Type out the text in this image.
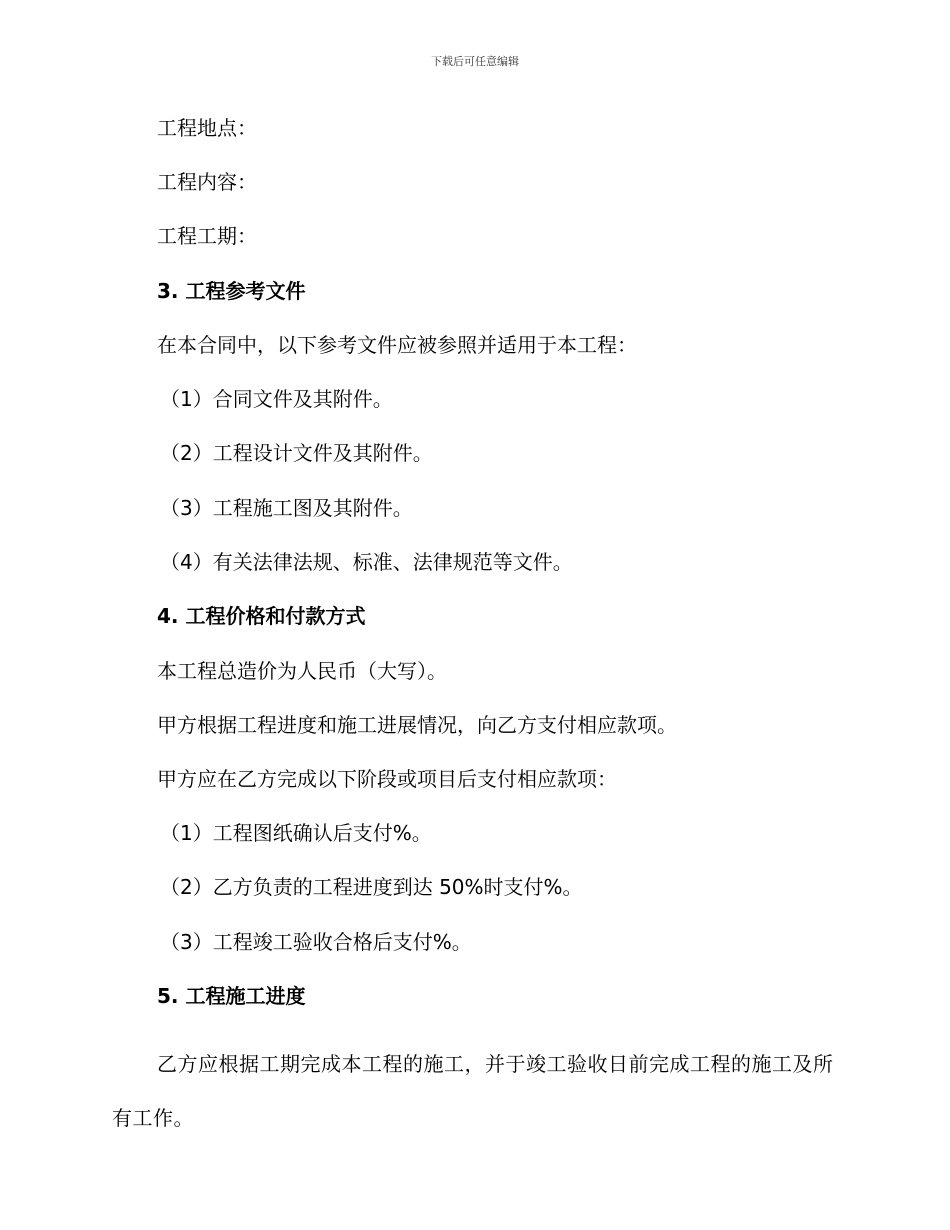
下载后可任意编辑
工程地点：
工程内容：
工程工期：
3. 工程参考文件
在本合同中，以下参考文件应被参照并适用于本工程：
（1）合同文件及其附件。
（2）工程设计文件及其附件。
（3）工程施工图及其附件。
（4）有关法律法规、标准、法律规范等文件。
4. 工程价格和付款方式
本工程总造价为人民币（大写）。
甲方根据工程进度和施工进展情况，向乙方支付相应款项。
甲方应在乙方完成以下阶段或项目后支付相应款项：
（1）工程图纸确认后支付%。
（2）乙方负责的工程进度到达 50%时支付%。
（3）工程竣工验收合格后支付%。
5. 工程施工进度
乙方应根据工期完成本工程的施工，并于竣工验收日前完成工程的施工及所有工作。
